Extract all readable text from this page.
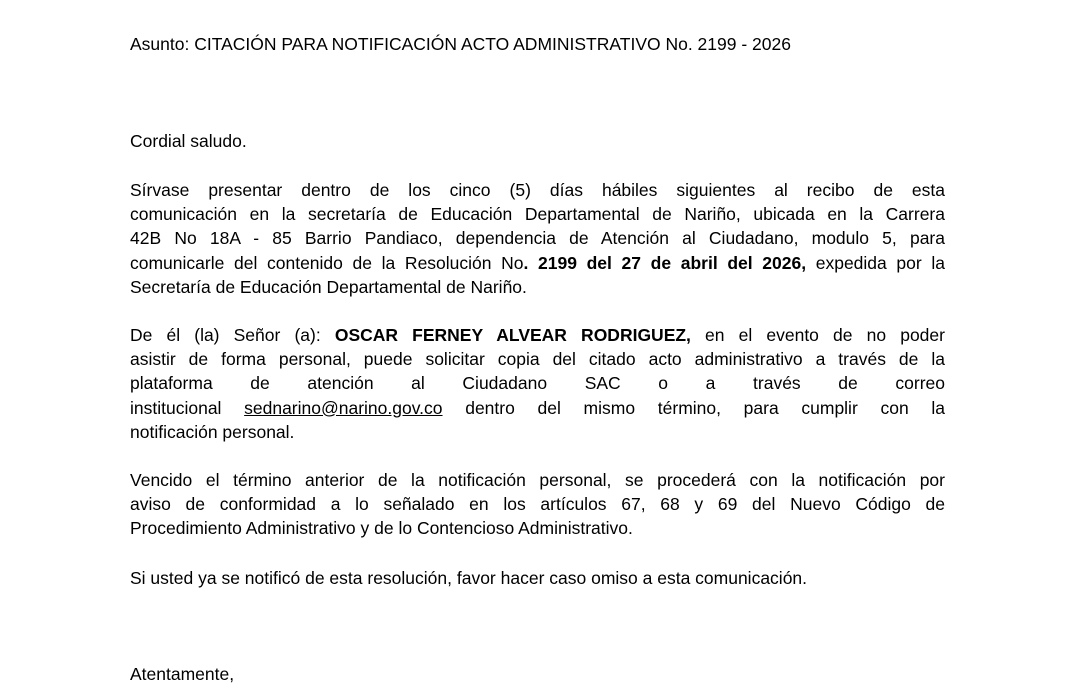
Asunto: CITACIÓN PARA NOTIFICACIÓN ACTO ADMINISTRATIVO No. 2199 - 2026
Cordial saludo.
Sírvase presentar dentro de los cinco (5) días hábiles siguientes al recibo de esta
comunicación en la secretaría de Educación Departamental de Nariño, ubicada en la Carrera
42B No 18A - 85 Barrio Pandiaco, dependencia de Atención al Ciudadano, modulo 5, para
comunicarle del contenido de la Resolución No. 2199 del 27 de abril del 2026, expedida por la
Secretaría de Educación Departamental de Nariño.
De él (la) Señor (a): OSCAR FERNEY ALVEAR RODRIGUEZ, en el evento de no poder
asistir de forma personal, puede solicitar copia del citado acto administrativo a través de la
plataforma de atención al Ciudadano SAC o a través de correo
institucional sednarino@narino.gov.co dentro del mismo término, para cumplir con la
notificación personal.
Vencido el término anterior de la notificación personal, se procederá con la notificación por
aviso de conformidad a lo señalado en los artículos 67, 68 y 69 del Nuevo Código de
Procedimiento Administrativo y de lo Contencioso Administrativo.
Si usted ya se notificó de esta resolución, favor hacer caso omiso a esta comunicación.
Atentamente,
